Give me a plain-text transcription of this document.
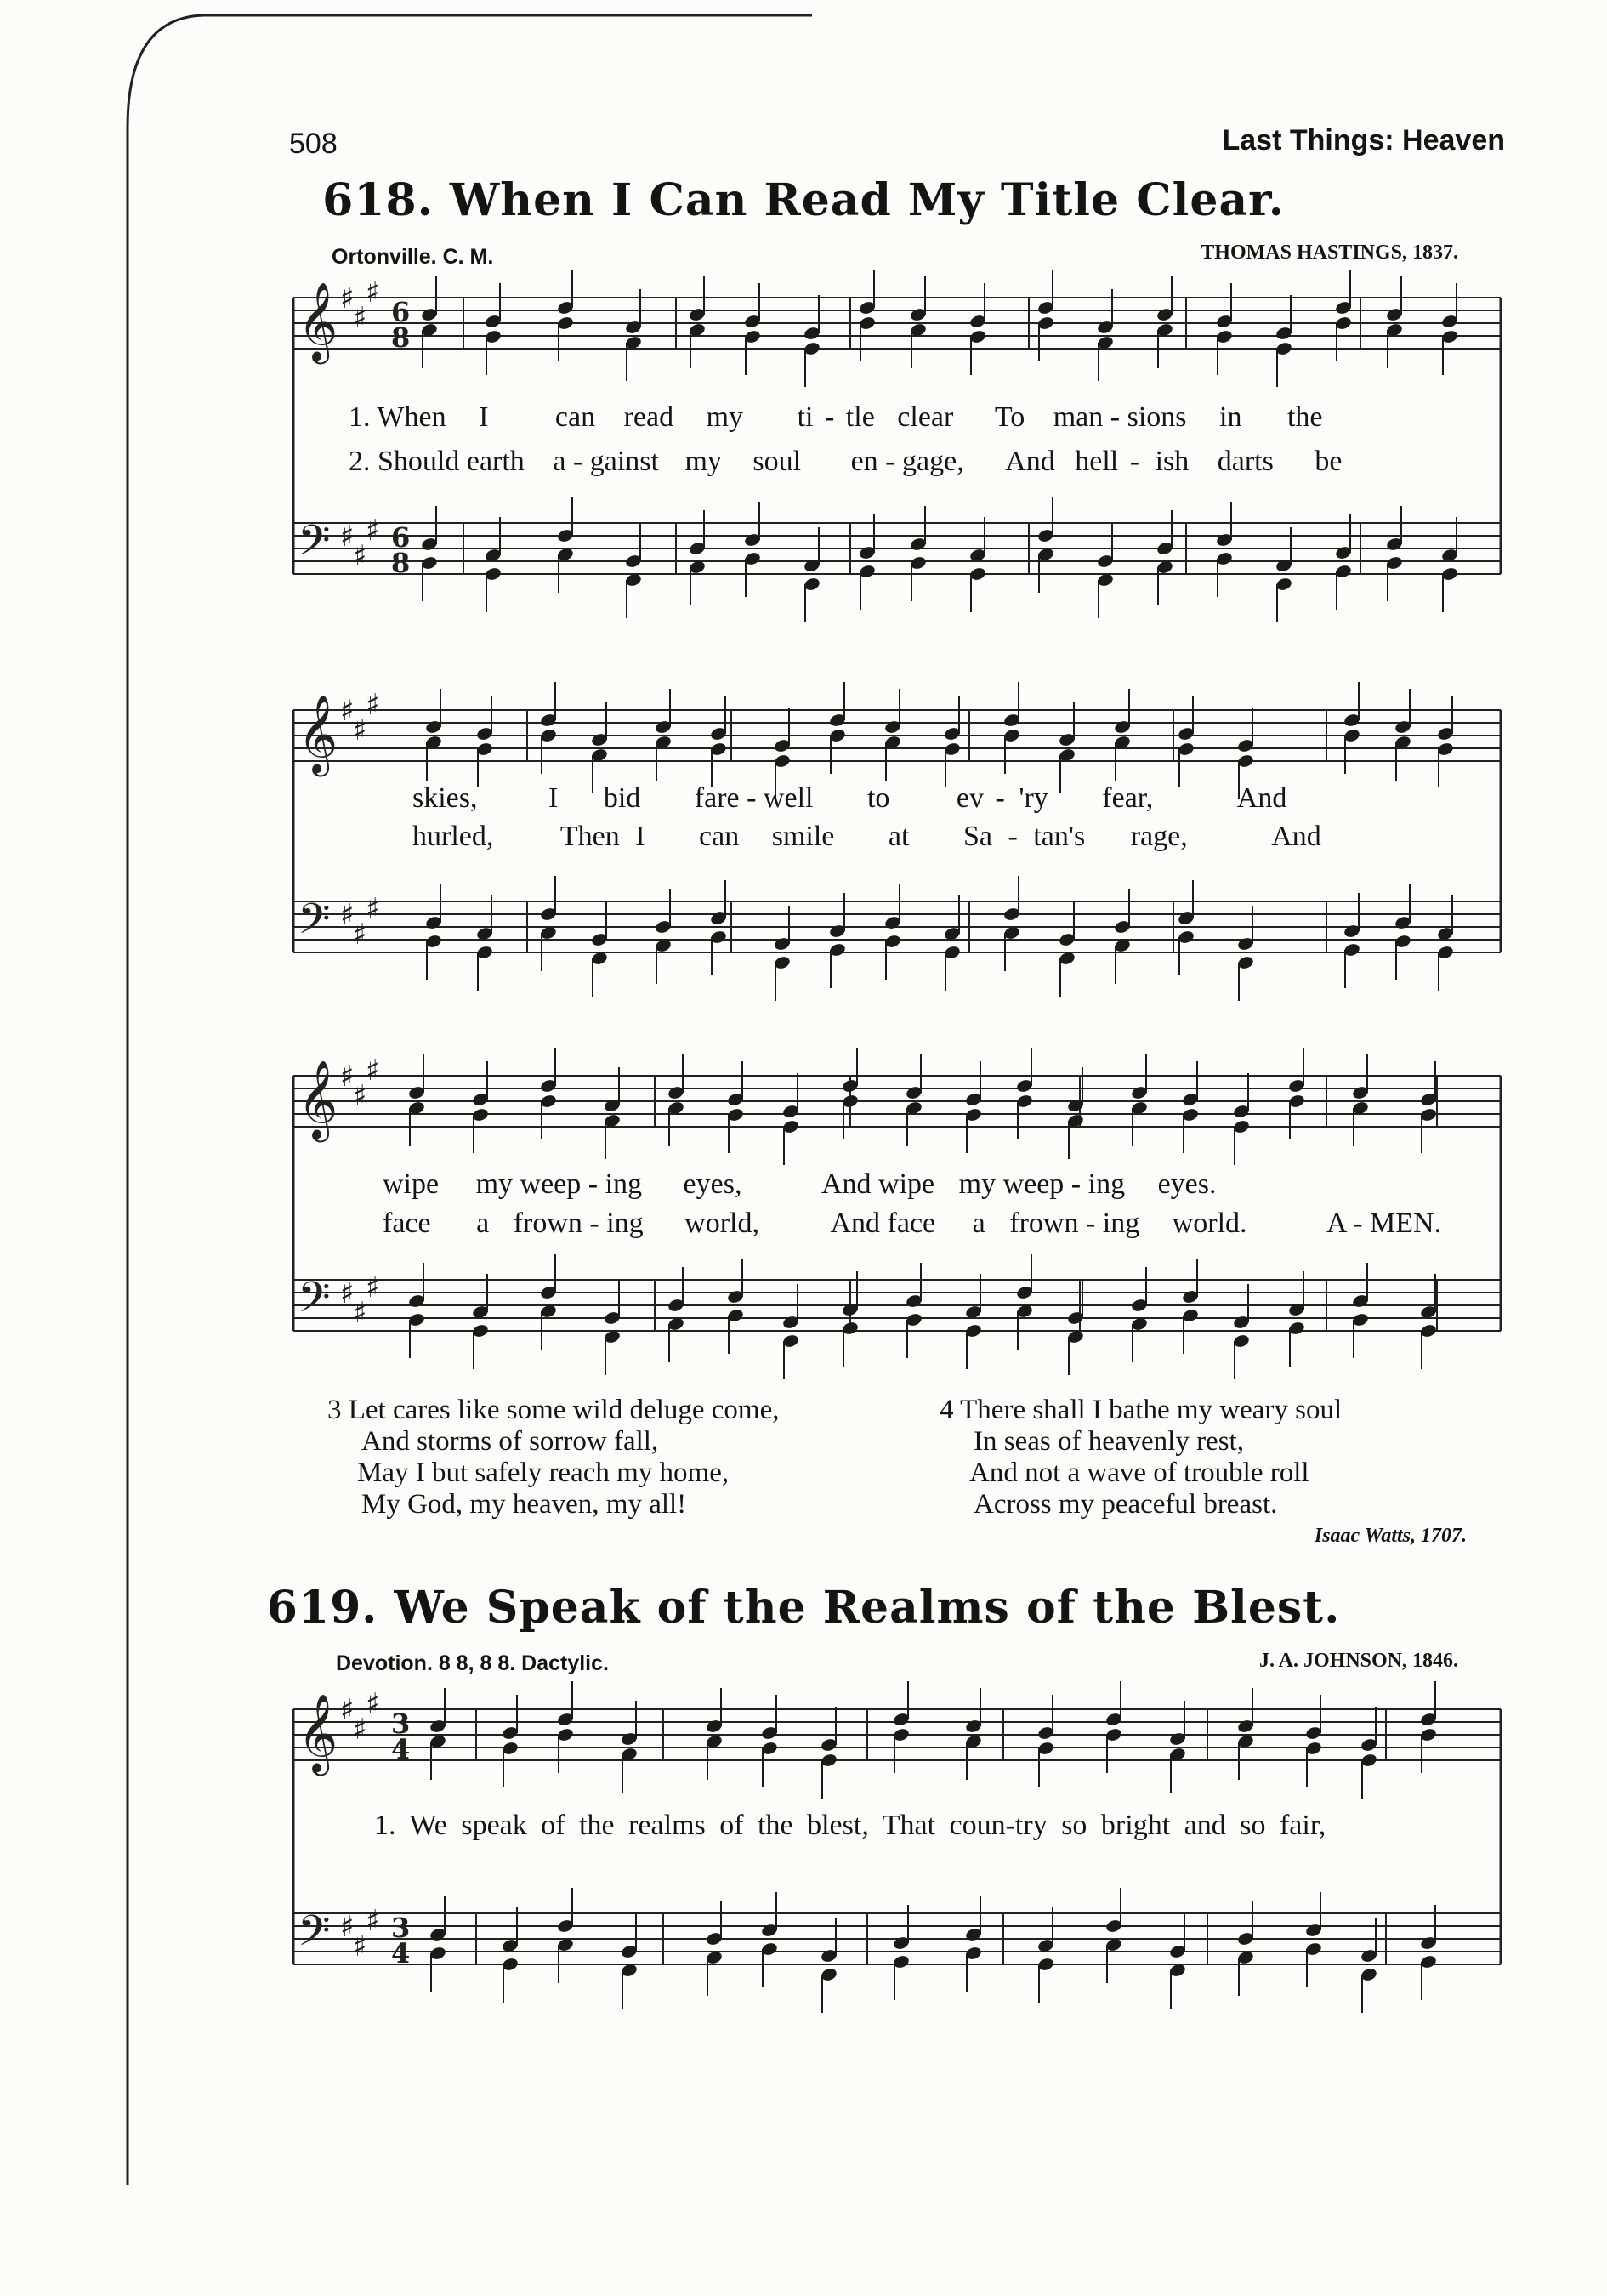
508	Last Things: Heaven
𝄞
𝄢
𝄞
𝄢
𝄞
𝄢
𝄞
𝄢
♯
♯
♯
♯
♯
♯
♯
♯
♯
♯
♯
♯
♯
♯
♯
♯
♯
♯
♯
♯
♯
♯
♯
♯
6
8
6
8
3
4
3
4
618. When I Can Read My Title Clear.
Ortonville. C. M.	THOMAS HASTINGS, 1837.
1. When I can read my ti - tle clear To man - sions in the
2. Should earth a - gainst my soul en - gage, And hell - ish darts be
skies, I bid fare - well to ev - 'ry fear,	And
hurled, Then I can smile at Sa - tan's rage,	And
wipe my weep - ing eyes,	And wipe my weep - ing eyes.
face a frown - ing world, And face a frown - ing world.	A - MEN.
3 Let cares like some wild deluge come,
And storms of sorrow fall,
May I but safely reach my home,
My God, my heaven, my all!
4 There shall I bathe my weary soul
In seas of heavenly rest,
And not a wave of trouble roll
Across my peaceful breast.
Isaac Watts, 1707.
619. We Speak of the Realms of the Blest.
Devotion. 8 8, 8 8. Dactylic.	J. A. JOHNSON, 1846.
1. We speak of the realms of the blest, That coun-try so bright and so fair,
